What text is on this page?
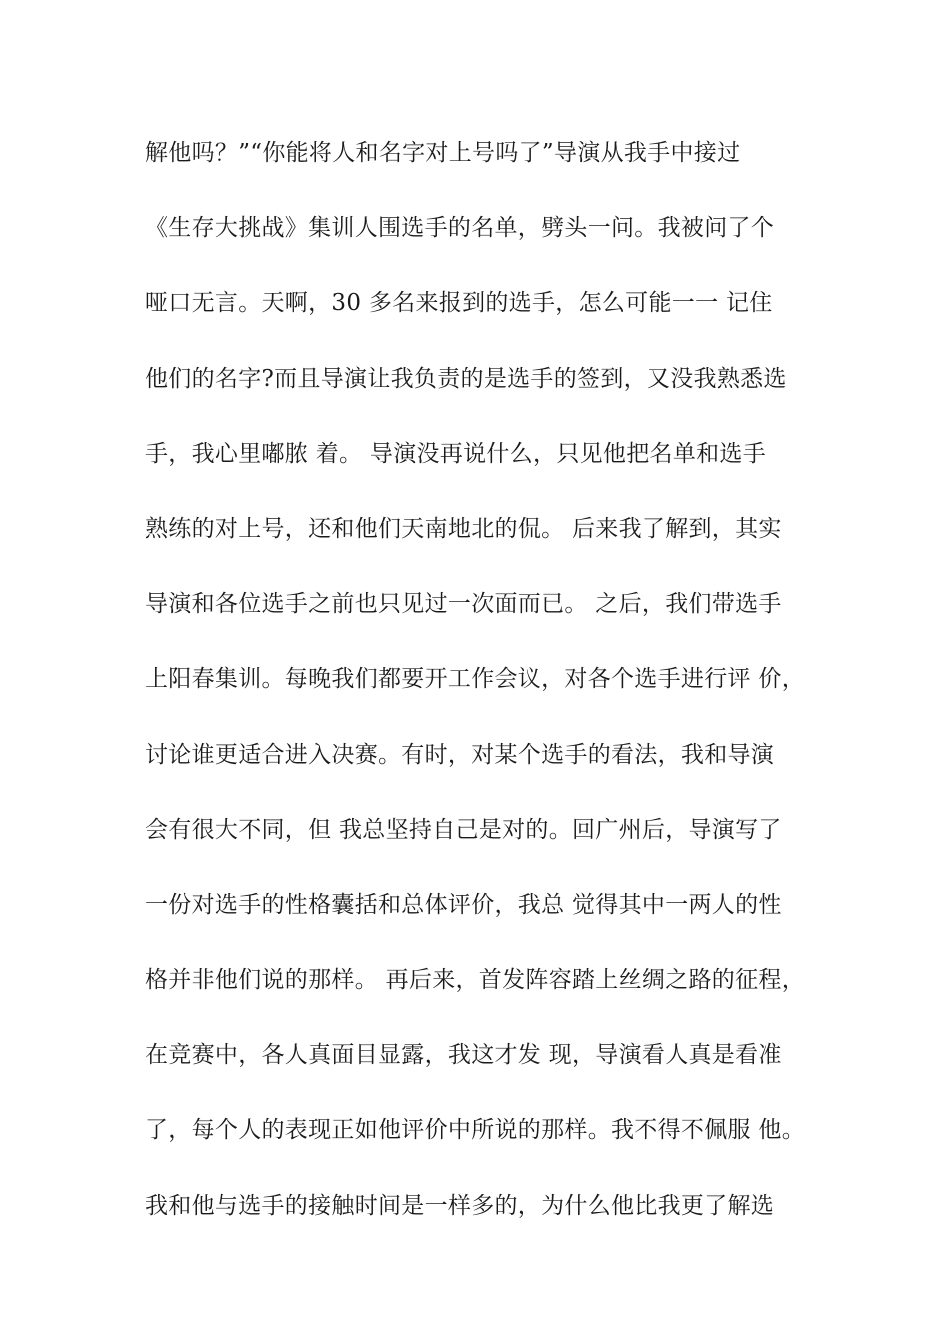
解他吗？”“你能将人和名字对上号吗了”导演从我手中接过
《生存大挑战》集训人围选手的名单，劈头一问。我被问了个
哑口无言。天啊，30 多名来报到的选手，怎么可能一一 记住
他们的名字?而且导演让我负责的是选手的签到，又没我熟悉选
手，我心里嘟脓 着。 导演没再说什么，只见他把名单和选手
熟练的对上号，还和他们天南地北的侃。 后来我了解到，其实
导演和各位选手之前也只见过一次面而已。 之后，我们带选手
上阳春集训。每晚我们都要开工作会议，对各个选手进行评 价，
讨论谁更适合进入决赛。有时，对某个选手的看法，我和导演
会有很大不同，但 我总坚持自己是对的。回广州后，导演写了
一份对选手的性格囊括和总体评价，我总 觉得其中一两人的性
格并非他们说的那样。 再后来，首发阵容踏上丝绸之路的征程，
在竞赛中，各人真面目显露，我这才发 现，导演看人真是看准
了，每个人的表现正如他评价中所说的那样。我不得不佩服 他。
我和他与选手的接触时间是一样多的，为什么他比我更了解选
